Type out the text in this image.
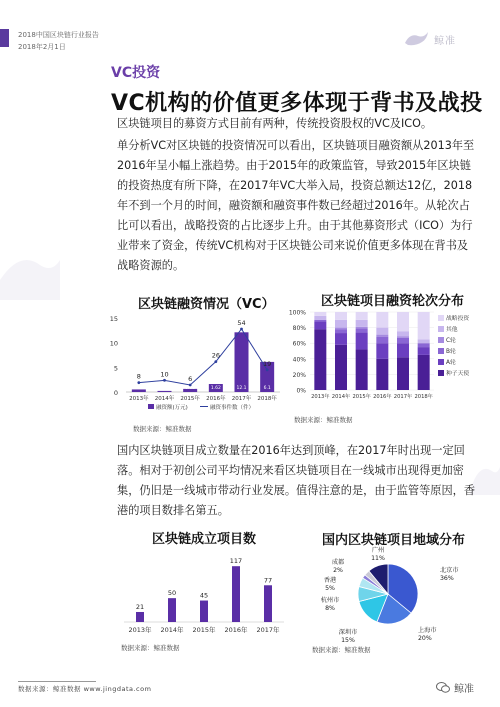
2018中国区块链行业报告
2018年2月1日
鲸准
VC投资
VC机构的价值更多体现于背书及战投
区块链项目的募资方式目前有两种，传统投资股权的VC及ICO。
单分析VC对区块链的投资情况可以看出，区块链项目融资额从2013年至2016年呈小幅上涨趋势。由于2015年的政策监管，导致2015年区块链的投资热度有所下降，在2017年VC大举入局，投资总额达12亿，2018年不到一个月的时间，融资额和融资事件数已经超过2016年。从轮次占比可以看出，战略投资的占比逐步上升。由于其他募资形式（ICO）为行业带来了资金，传统VC机构对于区块链公司来说价值更多体现在背书及战略资源的。
区块链融资情况（VC）
0
5
10
15
0.52
2013年
0.22
2014年
0.63
2015年
1.62
2016年
12.1
2017年
6.1
2018年
8	10
6
26
54
19
融资额(万元)	融资事件数（件）
数据来源：鲸准数据
区块链项目融资轮次分布
0%
20%
40%
60%
80%
100%
2013年 2014年 2015年 2016年 2017年 2018年
战略投资
其他
C轮
B轮
A轮
种子天使
数据来源：鲸准数据
国内区块链项目成立数量在2016年达到顶峰，在2017年时出现一定回落。相对于初创公司平均情况来看区块链项目在一线城市出现得更加密集，仍旧是一线城市带动行业发展。值得注意的是，由于监管等原因，香港的项目数排名第五。
区块链成立项目数
21
2013年
50
2014年
45
2015年
117
2016年
77
2017年
数据来源：鲸准数据
国内区块链项目地域分布
北京市
36%
上海市
20%
深圳市
15%
杭州市
8%
香港
5%
成都
2%
广州
11%
数据来源：鲸准数据
数据来源：鲸准数据 www.jingdata.com	鲸准
